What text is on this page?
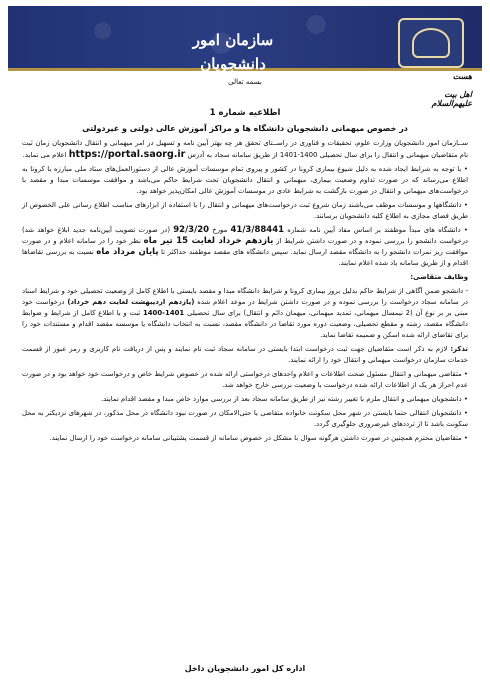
سازمان امور دانشجویان
هست
اهل بیت علیهم‌السلام
بسمه تعالی
اطلاعیه شماره 1
در خصوص میهمانی دانشجویان دانشگاه ها و مراکز آموزش عالی دولتی و غیردولتی

ســازمان امور دانشجویان وزارت علوم، تحقیقات و فناوری در راســتای تحقق هر چه بهتر آیین نامه و تسهیل در امر میهمانی و انتقال دانشجویان زمان ثبت نام متقاضیان میهمانی و انتقال را برای سال تحصیلی 1400-1401 از طریق سامانه سجاد به آدرس https://portal.saorg.ir اعلام می نماید.

• با توجه به شرایط ایجاد شده به دلیل شیوع بیماری کرونا در کشور و پیروی تمام موسسات آموزش عالی از دستورالعمل‌های ستاد ملی مبارزه با کرونا به اطلاع می‌رساند که در صورت تداوم وضعیت بیماری، میهمانی و انتقال دانشجویان تحت شرایط حاکم می‌باشد و موافقت موسسات مبدا و مقصد با درخواست‌های میهمانی و انتقال در صورت بازگشت به شرایط عادی در موسسات آموزش عالی امکان‌پذیر خواهد بود.

• دانشگاهها و موسسات موظف می‌باشند زمان شروع ثبت درخواست‌های میهمانی و انتقال را با استفاده از ابزارهای مناسب اطلاع رسانی علی الخصوص از طریق فضای مجازی به اطلاع کلیه دانشجویان برسانند.

• دانشگاه های مبدأ موظفند بر اساس مفاد آیین نامه شماره 41/3/88441 مورخ 92/3/20 (در صورت تصویب آیین‌نامه جدید ابلاغ خواهد شد) درخواست دانشجو را بررسی نموده و در صورت داشتن شرایط از یازدهم خرداد لغایت 15 تیر ماه نظر خود را در سامانه اعلام و در صورت موافقت ریز نمرات دانشجو را به دانشگاه مقصد ارسال نماید. سپس دانشگاه های مقصد موظفند حداکثر تا پایان مرداد ماه نسبت به بررسی تقاضاها اقدام و از طریق سامانه یاد شده اعلام نمایند.

وظایف متقاضی:

- دانشجو ضمن آگاهی از شرایط حاکم بدلیل بروز بیماری کرونا و شرایط دانشگاه مبدا و مقصد بایستی با اطلاع کامل از وضعیت تحصیلی خود و شرایط اسناد در سامانه سجاد درخواست را بررسی نموده و در صورت داشتن شرایط در موعد اعلام شده (یازدهم اردیبهشت لغایت دهم خرداد) درخواست خود مبنی بر بر نوع آن (2 نیمسال میهمانی، تمدید میهمانی، میهمان دائم و انتقال) برای سال تحصیلی 1401-1400 ثبت و با اطلاع کامل از شرایط و ضوابط دانشگاه مقصد، رشته و مقطع تحصیلی، وضعیت دوره مورد تقاضا در دانشگاه مقصد، نسبت به انتخاب دانشگاه یا موسسه مقصد اقدام و مستندات خود را برای تقاضای ارائه شده اسکن و ضمیمه تقاضا نماید.

تذکر: لازم به ذکر است متقاضیان جهت ثبت درخواست ابتدا بایستی در سامانه سجاد ثبت نام نمایند و پس از دریافت نام کاربری و رمز عبور از قسمت خدمات سازمان درخواست میهمانی و انتقال خود را ارائه نمایند.

• متقاضی میهمانی و انتقال مسئول صحت اطلاعات و اعلام واحدهای درخواستی ارائه شده در خصوص شرایط خاص و درخواست خود خواهد بود و در صورت عدم احراز هر یک از اطلاعات ارائه شده درخواست با وضعیت بررسی خارج خواهد شد.

• دانشجویان میهمانی و انتقال ملزم با تغییر رشته نیز از طریق سامانه سجاد بعد از بررسی موارد خاص مبدا و مقصد اقدام نمایند.

• دانشجویان انتقالی حتما بایستی در شهر محل سکونت خانواده متقاضی یا حتی‌الامکان در صورت نبود دانشگاه در محل مذکور، در شهرهای نزدیکتر به محل سکونت باشد تا از ترددهای غیرضروری جلوگیری گردد.

• متقاضیان محترم همچنین در صورت داشتن هرگونه سوال با مشکل در خصوص سامانه از قسمت پشتیبانی سامانه درخواست خود را ارسال نمایند.

اداره کل امور دانشجویان داخل
